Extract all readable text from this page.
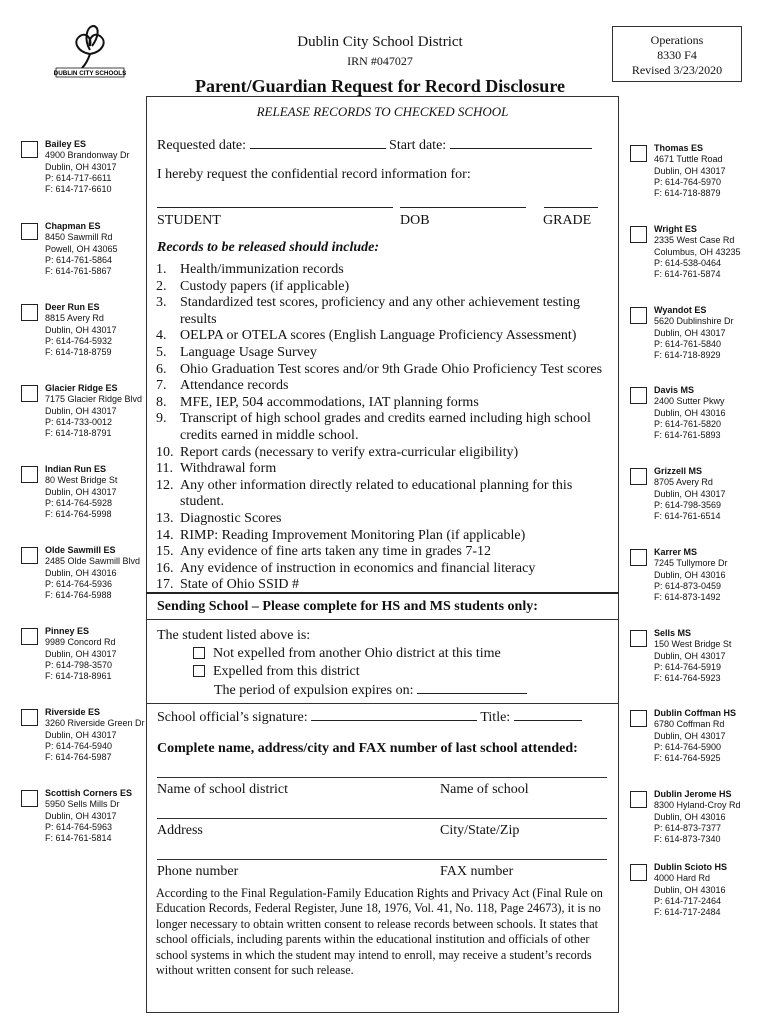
DUBLIN CITY SCHOOLS
Dublin City School District
IRN #047027
Parent/Guardian Request for Record Disclosure
Operations
8330 F4
Revised 3/23/2020
Bailey ES
4900 Brandonway Dr
Dublin, OH 43017
P: 614-717-6611
F: 614-717-6610
Chapman ES
8450 Sawmill Rd
Powell, OH 43065
P: 614-761-5864
F: 614-761-5867
Deer Run ES
8815 Avery Rd
Dublin, OH 43017
P: 614-764-5932
F: 614-718-8759
Glacier Ridge ES
7175 Glacier Ridge Blvd
Dublin, OH 43017
P: 614-733-0012
F: 614-718-8791
Indian Run ES
80 West Bridge St
Dublin, OH 43017
P: 614-764-5928
F: 614-764-5998
Olde Sawmill ES
2485 Olde Sawmill Blvd
Dublin, OH 43016
P: 614-764-5936
F: 614-764-5988
Pinney ES
9989 Concord Rd
Dublin, OH 43017
P: 614-798-3570
F: 614-718-8961
Riverside ES
3260 Riverside Green Dr
Dublin, OH 43017
P: 614-764-5940
F: 614-764-5987
Scottish Corners ES
5950 Sells Mills Dr
Dublin, OH 43017
P: 614-764-5963
F: 614-761-5814
Thomas ES
4671 Tuttle Road
Dublin, OH 43017
P: 614-764-5970
F: 614-718-8879
Wright ES
2335 West Case Rd
Columbus, OH 43235
P: 614-538-0464
F: 614-761-5874
Wyandot ES
5620 Dublinshire Dr
Dublin, OH 43017
P: 614-761-5840
F: 614-718-8929
Davis MS
2400 Sutter Pkwy
Dublin, OH 43016
P: 614-761-5820
F: 614-761-5893
Grizzell MS
8705 Avery Rd
Dublin, OH 43017
P: 614-798-3569
F: 614-761-6514
Karrer MS
7245 Tullymore Dr
Dublin, OH 43016
P: 614-873-0459
F: 614-873-1492
Sells MS
150 West Bridge St
Dublin, OH 43017
P: 614-764-5919
F: 614-764-5923
Dublin Coffman HS
6780 Coffman Rd
Dublin, OH 43017
P: 614-764-5900
F: 614-764-5925
Dublin Jerome HS
8300 Hyland-Croy Rd
Dublin, OH 43016
P: 614-873-7377
F: 614-873-7340
Dublin Scioto HS
4000 Hard Rd
Dublin, OH 43016
P: 614-717-2464
F: 614-717-2484
RELEASE RECORDS TO CHECKED SCHOOL
Requested date:	Start date:
I hereby request the confidential record information for:
STUDENT	DOB	GRADE
Records to be released should include:
1. Health/immunization records
2. Custody papers (if applicable)
3. Standardized test scores, proficiency and any other achievement testing
results
4. OELPA or OTELA scores (English Language Proficiency Assessment)
5. Language Usage Survey
6. Ohio Graduation Test scores and/or 9th Grade Ohio Proficiency Test scores
7. Attendance records
8. MFE, IEP, 504 accommodations, IAT planning forms
9. Transcript of high school grades and credits earned including high school
credits earned in middle school.
10. Report cards (necessary to verify extra-curricular eligibility)
11. Withdrawal form
12. Any other information directly related to educational planning for this
student.
13. Diagnostic Scores
14. RIMP: Reading Improvement Monitoring Plan (if applicable)
15. Any evidence of fine arts taken any time in grades 7-12
16. Any evidence of instruction in economics and financial literacy
17. State of Ohio SSID #
Sending School – Please complete for HS and MS students only:
The student listed above is:
Not expelled from another Ohio district at this time
Expelled from this district
The period of expulsion expires on:
School official’s signature:	Title:
Complete name, address/city and FAX number of last school attended:
Name of school district	Name of school
Address	City/State/Zip
Phone number	FAX number
According to the Final Regulation-Family Education Rights and Privacy Act (Final Rule on Education Records, Federal Register, June 18, 1976, Vol. 41, No. 118, Page 24673), it is no longer necessary to obtain written consent to release records between schools. It states that school officials, including parents within the educational institution and officials of other school systems in which the student may intend to enroll, may receive a student’s records without written consent for such release.
